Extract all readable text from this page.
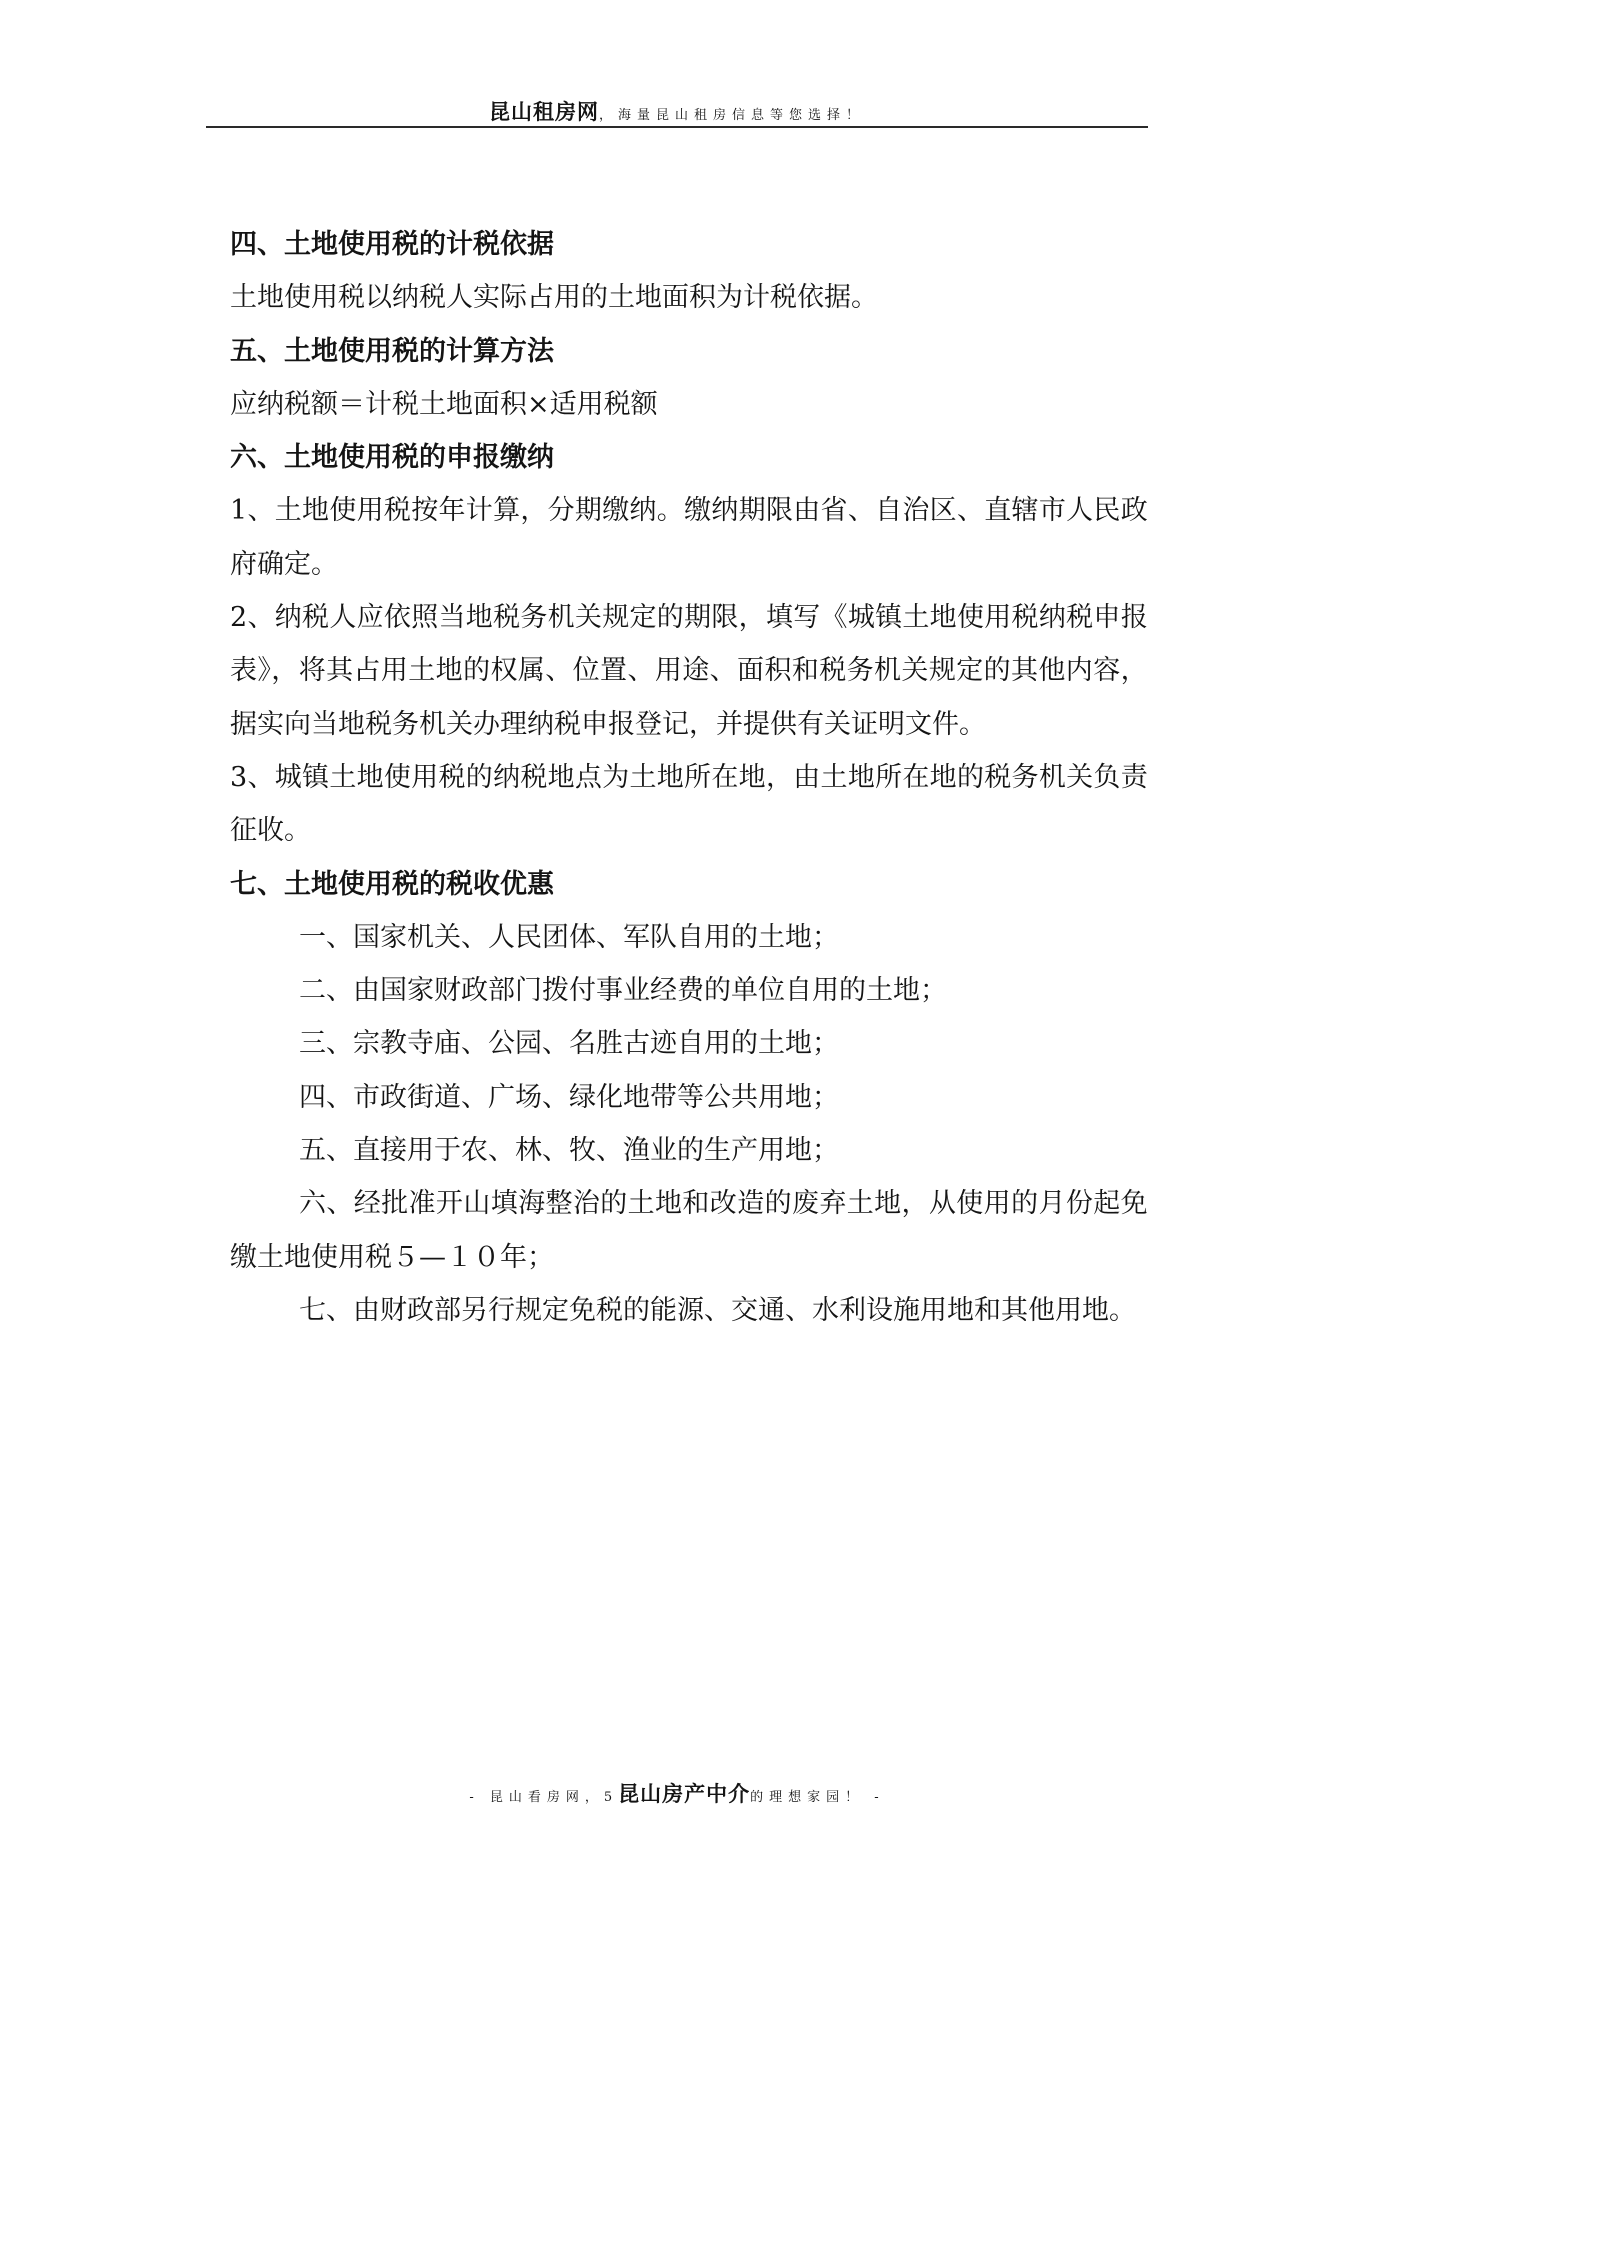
昆山租房网，海量昆山租房信息等您选择！
四、土地使用税的计税依据
土地使用税以纳税人实际占用的土地面积为计税依据。
五、土地使用税的计算方法
应纳税额＝计税土地面积×适用税额
六、土地使用税的申报缴纳
1、土地使用税按年计算，分期缴纳。缴纳期限由省、自治区、直辖市人民政
府确定。
2、纳税人应依照当地税务机关规定的期限，填写《城镇土地使用税纳税申报
表》，将其占用土地的权属、位置、用途、面积和税务机关规定的其他内容，
据实向当地税务机关办理纳税申报登记，并提供有关证明文件。
3、城镇土地使用税的纳税地点为土地所在地，由土地所在地的税务机关负责
征收。
七、土地使用税的税收优惠
一、国家机关、人民团体、军队自用的土地；
二、由国家财政部门拨付事业经费的单位自用的土地；
三、宗教寺庙、公园、名胜古迹自用的土地；
四、市政街道、广场、绿化地带等公共用地；
五、直接用于农、林、牧、渔业的生产用地；
六、经批准开山填海整治的土地和改造的废弃土地，从使用的月份起免
缴土地使用税５—１０年；
七、由财政部另行规定免税的能源、交通、水利设施用地和其他用地。
- 昆山看房网，5昆山房产中介的理想家园！ -
